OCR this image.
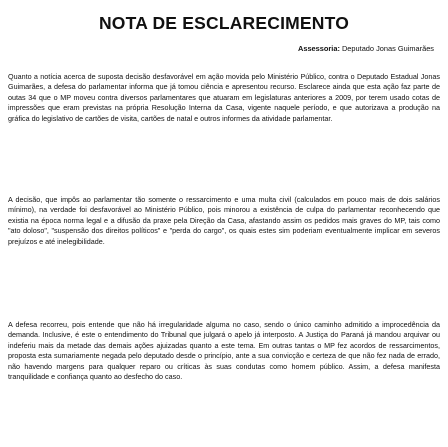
NOTA DE ESCLARECIMENTO
Assessoria: Deputado Jonas Guimarães

Quanto a notícia acerca de suposta decisão desfavorável em ação movida pelo Ministério Público, contra o Deputado Estadual Jonas Guimarães, a defesa do parlamentar informa que já tomou ciência e apresentou recurso. Esclarece ainda que esta ação faz parte de outas 34 que o MP moveu contra diversos parlamentares que atuaram em legislaturas anteriores a 2009, por terem usado cotas de impressões que eram previstas na própria Resolução Interna da Casa, vigente naquele período, e que autorizava a produção na gráfica do legislativo de cartões de visita, cartões de natal e outros informes da atividade parlamentar.

A decisão, que impôs ao parlamentar tão somente o ressarcimento e uma multa civil (calculados em pouco mais de dois salários mínimo), na verdade foi desfavorável ao Ministério Público, pois minorou a existência de culpa do parlamentar reconhecendo que existia na época norma legal e a difusão da praxe pela Direção da Casa, afastando assim os pedidos mais graves do MP, tais como "ato doloso", "suspensão dos direitos políticos" e "perda do cargo", os quais estes sim poderiam eventualmente implicar em severos prejuízos e até inelegibilidade.

A defesa recorreu, pois entende que não há irregularidade alguma no caso, sendo o único caminho admitido a improcedência da demanda. Inclusive, é este o entendimento do Tribunal que julgará o apelo já interposto. A Justiça do Paraná já mandou arquivar ou indeferiu mais da metade das demais ações ajuizadas quanto a este tema. Em outras tantas o MP fez acordos de ressarcimentos, proposta esta sumariamente negada pelo deputado desde o princípio, ante a sua convicção e certeza de que não fez nada de errado, não havendo margens para qualquer reparo ou críticas às suas condutas como homem público. Assim, a defesa manifesta tranquilidade e confiança quanto ao desfecho do caso.
